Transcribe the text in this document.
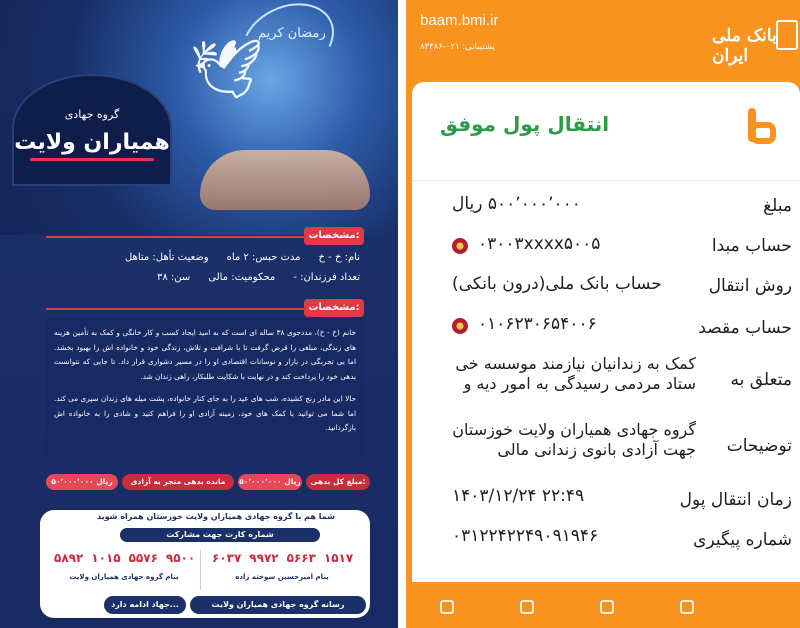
رمضان کریم
🕊
گروه جهادی
همیاران ولایت
مشخصات:
نام: خ - خ
مدت حبس: ۲ ماه
وضعیت تأهل: متاهل
تعداد فرزندان: -
محکومیت: مالی
سن: ۳۸
مشخصات:

خانم (خ - خ)، مددجوی ۳۸ ساله ای است که به امید ایجاد کسب و کار خانگی و کمک به تأمین هزینه های زندگی، مبلغی را قرض گرفت تا با شرافت و تلاش، زندگی خود و خانواده اش را بهبود بخشد. اما بی تجربگی در بازار و نوسانات اقتصادی او را در مسیر دشواری قرار داد. تا جایی که نتوانست بدهی خود را پرداخت کند و در نهایت با شکایت طلبکار، راهی زندان شد.

حالا این مادر رنج کشیده، شب های عید را به جای کنار خانواده، پشت میله های زندان سپری می کند. اما شما می توانید با کمک های خود، زمینه آزادی او را فراهم کنید و شادی را به خانواده اش بازگردانید.

مبلغ کل بدهی:
۵۰٬۰۰۰٬۰۰۰ ریال
مانده بدهی منجر به آزادی
۵۰٬۰۰۰٬۰۰۰ ریال
شما هم با گروه جهادی همیاران ولایت خوزستان همراه شوید
شماره کارت جهت مشارکت
۶۰۳۷ ۹۹۷۲ ۵۶۶۳ ۱۵۱۷
بنام امیرحسین سوخته زاده
۵۸۹۲ ۱۰۱۵ ۵۵۷۶ ۹۵۰۰
بنام گروه جهادی همیاران ولایت
رسانه گروه جهادی همیاران ولایت
جهاد ادامه دارد...
baam.bmi.ir
پشتیبانی: ۰۲۱-۸۳۳۸۶
بانک ملی ایران
انتقال پول موفق
مبلغ
۵۰۰٬۰۰۰٬۰۰۰ ریال
حساب مبدا
۰۳۰۰۳xxxx۵۰۰۵
روش انتقال
حساب بانک ملی(درون بانکی)
حساب مقصد
۰۱۰۶۲۳۰۶۵۴۰۰۶
متعلق به
کمک به زندانیان نیازمند موسسه خی ستاد مردمی رسیدگی به امور دیه و
توضیحات
گروه جهادی همیاران ولایت خوزستان جهت آزادی بانوی زندانی مالی
زمان انتقال پول
۱۴۰۳/۱۲/۲۴ ۲۲:۴۹
شماره پیگیری
۰۳۱۲۲۴۲۲۴۹۰۹۱۹۴۶
